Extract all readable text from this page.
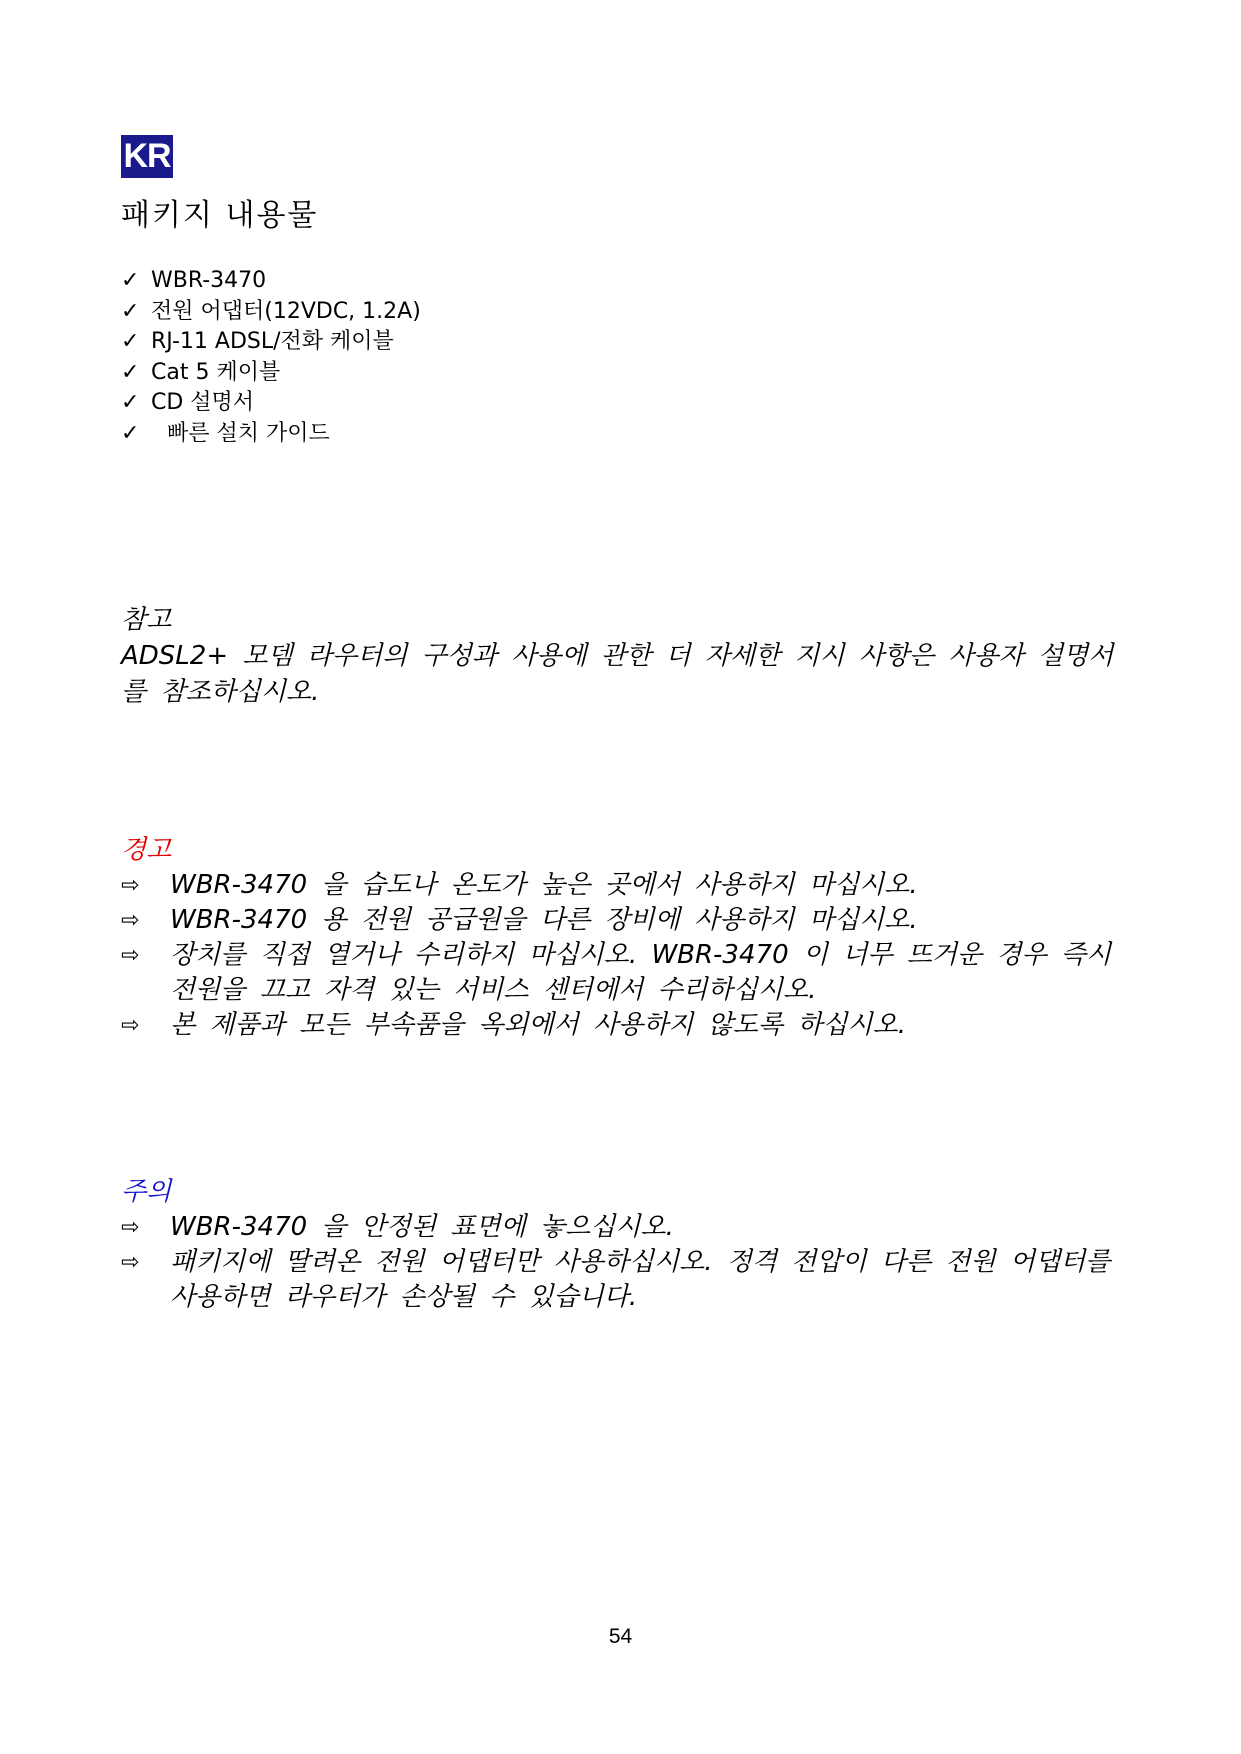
KR
패키지 내용물
✓ WBR-3470
✓ 전원 어댑터(12VDC, 1.2A)
✓ RJ-11 ADSL/전화 케이블
✓ Cat 5 케이블
✓ CD 설명서
✓ 빠른 설치 가이드
참고
ADSL2+ 모뎀 라우터의 구성과 사용에 관한 더 자세한 지시 사항은 사용자 설명서를 참조하십시오.
경고
⇨	WBR-3470 을 습도나 온도가 높은 곳에서 사용하지 마십시오.
⇨	WBR-3470 용 전원 공급원을 다른 장비에 사용하지 마십시오.
⇨	장치를 직접 열거나 수리하지 마십시오. WBR-3470 이 너무 뜨거운 경우 즉시 전원을 끄고 자격 있는 서비스 센터에서 수리하십시오.
⇨	본 제품과 모든 부속품을 옥외에서 사용하지 않도록 하십시오.
주의
⇨	WBR-3470 을 안정된 표면에 놓으십시오.
⇨	패키지에 딸려온 전원 어댑터만 사용하십시오. 정격 전압이 다른 전원 어댑터를 사용하면 라우터가 손상될 수 있습니다.
54
